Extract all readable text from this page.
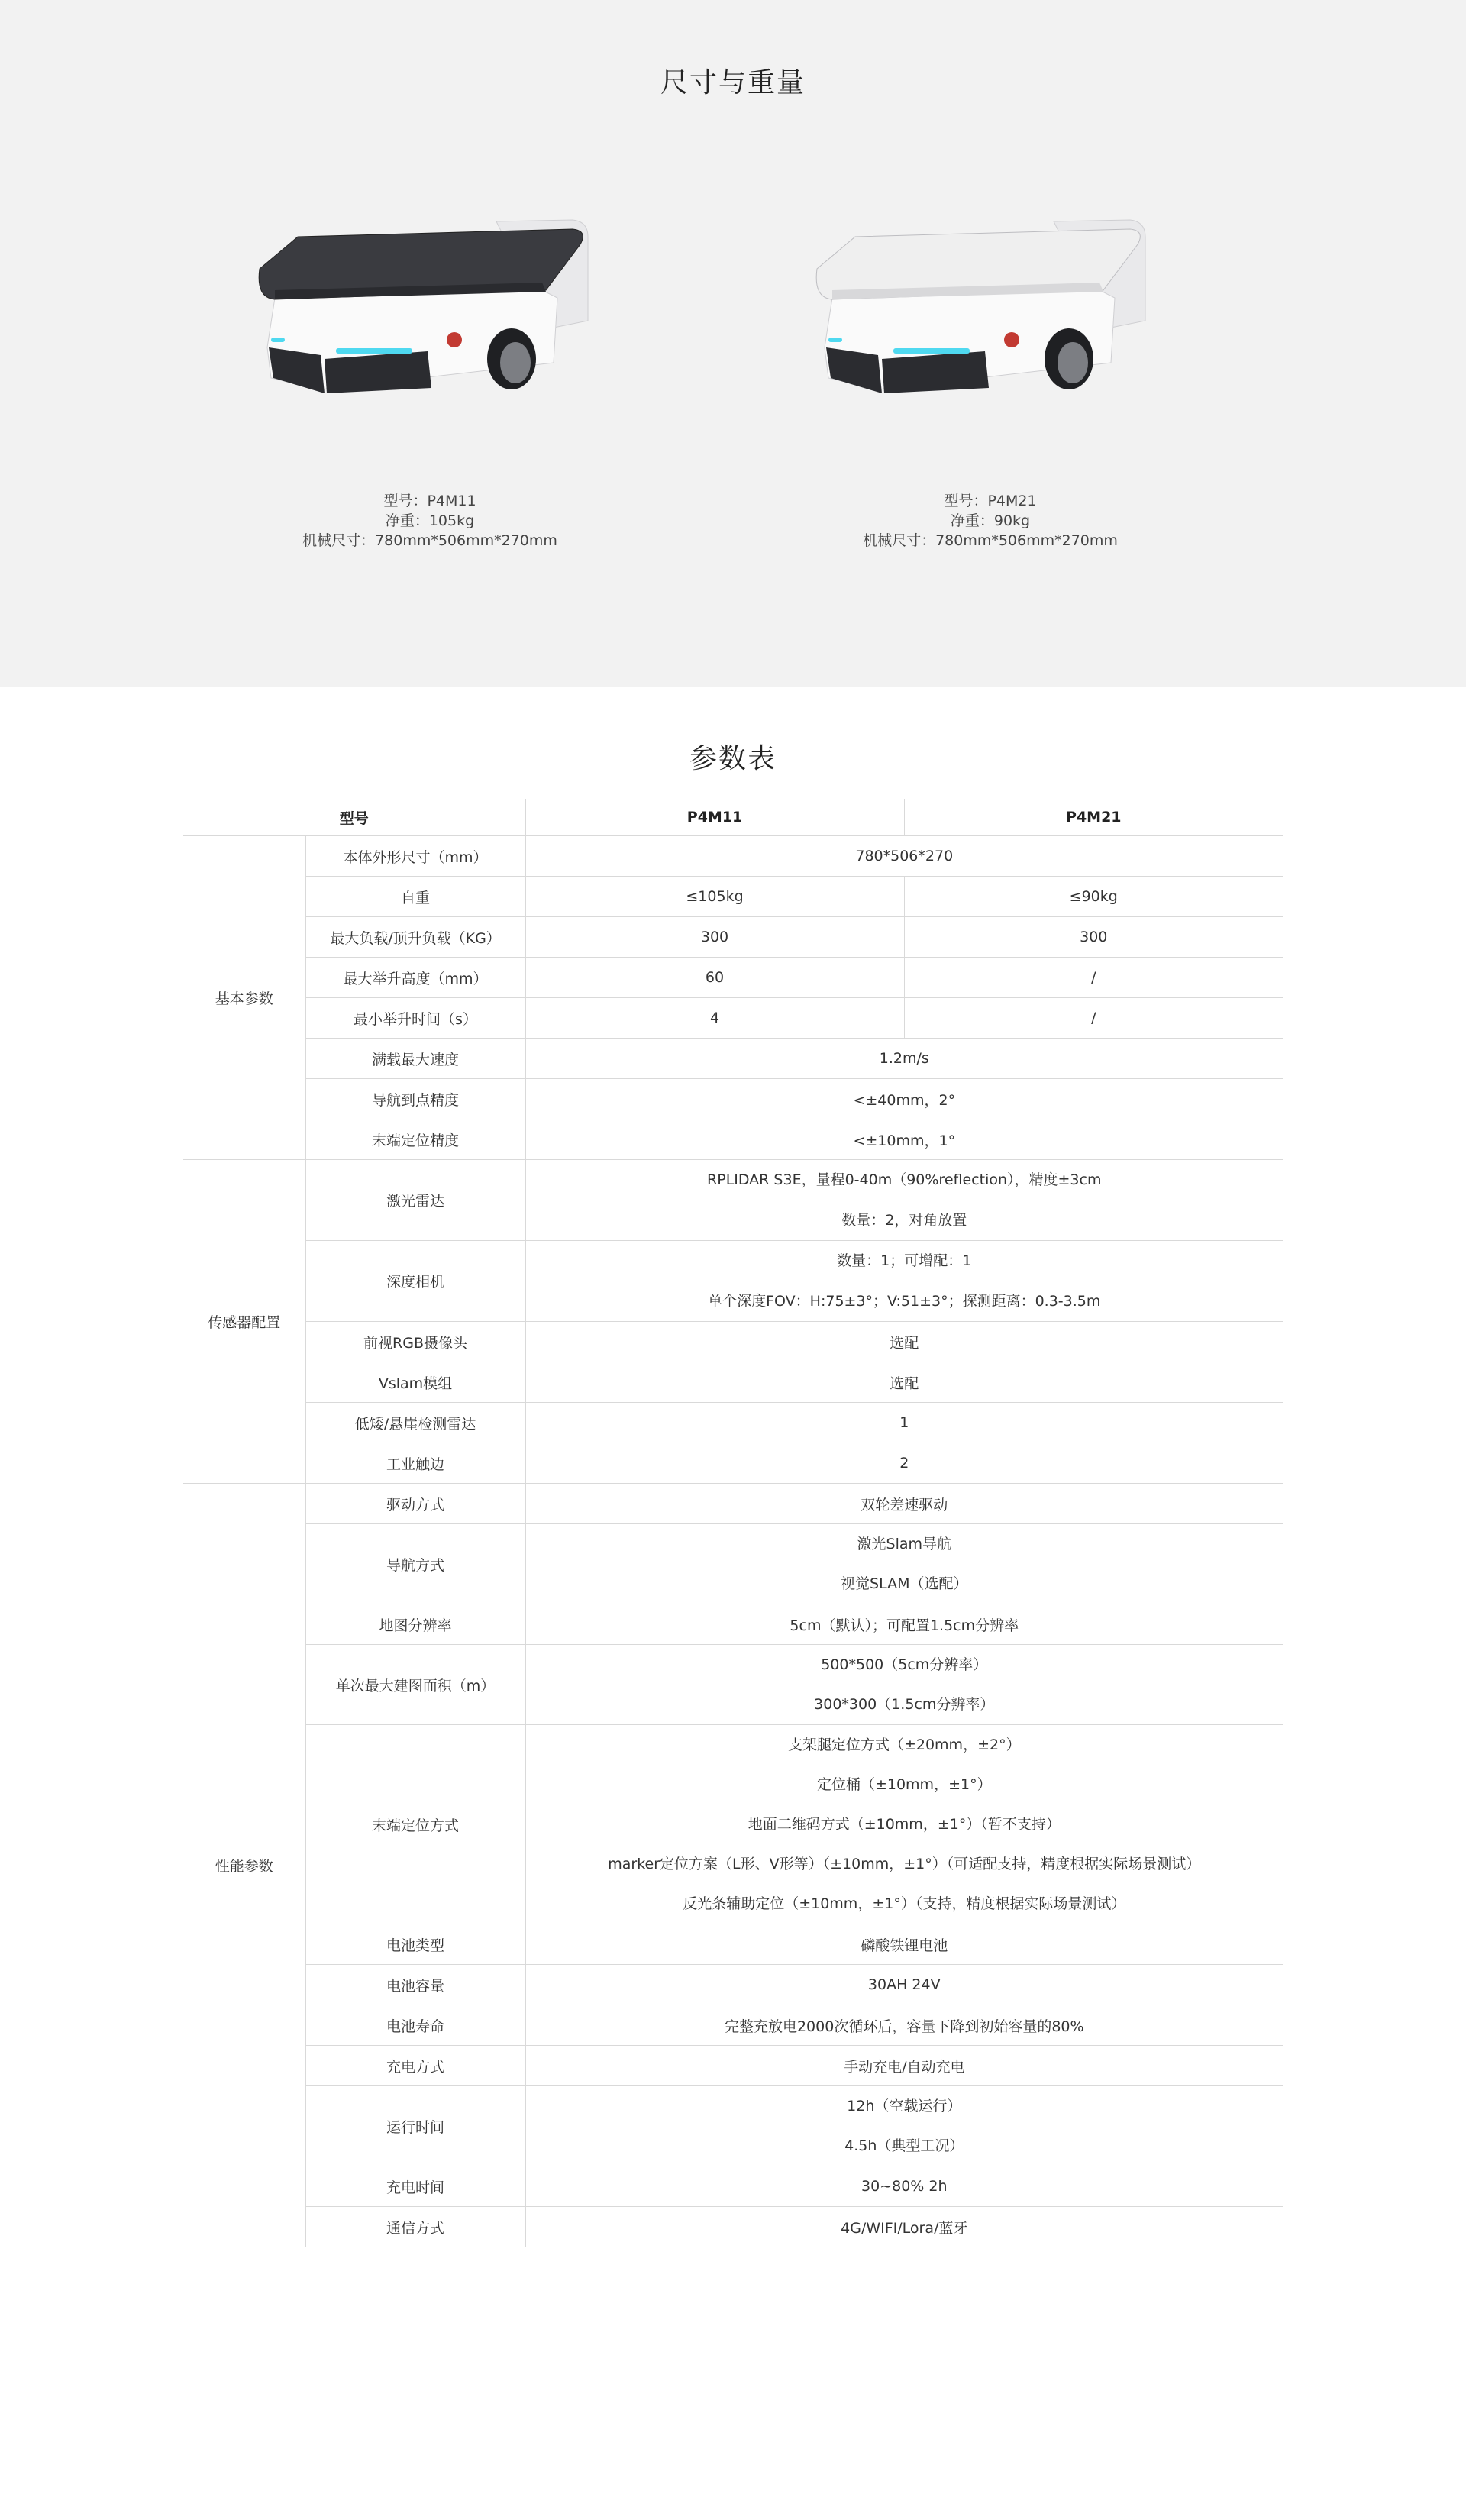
尺寸与重量
型号：P4M11
净重：105kg
机械尺寸：780mm*506mm*270mm
型号：P4M21
净重：90kg
机械尺寸：780mm*506mm*270mm
参数表
型号		P4M11	P4M21
基本参数	本体外形尺寸（mm）	780*506*270	
	自重	≤105kg	≤90kg
	最大负载/顶升负载（KG）	300	300
	最大举升高度（mm）	60	/
	最小举升时间（s）	4	/
	满载最大速度	1.2m/s	
	导航到点精度	<±40mm，2°	
	末端定位精度	<±10mm，1°	
传感器配置	激光雷达	RPLIDAR S3E，量程0-40m（90%reflection），精度±3cm
数量：2，对角放置	

	深度相机	数量：1；可增配：1
单个深度FOV：H:75±3°；V:51±3°；探测距离：0.3-3.5m	

	前视RGB摄像头	选配	
	Vslam模组	选配	
	低矮/悬崖检测雷达	1	
	工业触边	2	
性能参数	驱动方式	双轮差速驱动	
	导航方式	激光Slam导航
视觉SLAM（选配）	

	地图分辨率	5cm（默认）；可配置1.5cm分辨率	
	单次最大建图面积（m）	500*500（5cm分辨率）
300*300（1.5cm分辨率）	

	末端定位方式	支架腿定位方式（±20mm，±2°）
定位桶（±10mm，±1°）
地面二维码方式（±10mm，±1°）（暂不支持）
marker定位方案（L形、V形等）（±10mm，±1°）（可适配支持，精度根据实际场景测试）
反光条辅助定位（±10mm，±1°）（支持，精度根据实际场景测试）	

	电池类型	磷酸铁锂电池	
	电池容量	30AH 24V	
	电池寿命	完整充放电2000次循环后，容量下降到初始容量的80%	
	充电方式	手动充电/自动充电	
	运行时间	12h（空载运行）
4.5h（典型工况）	

	充电时间	30~80% 2h	
	通信方式	4G/WIFI/Lora/蓝牙	
